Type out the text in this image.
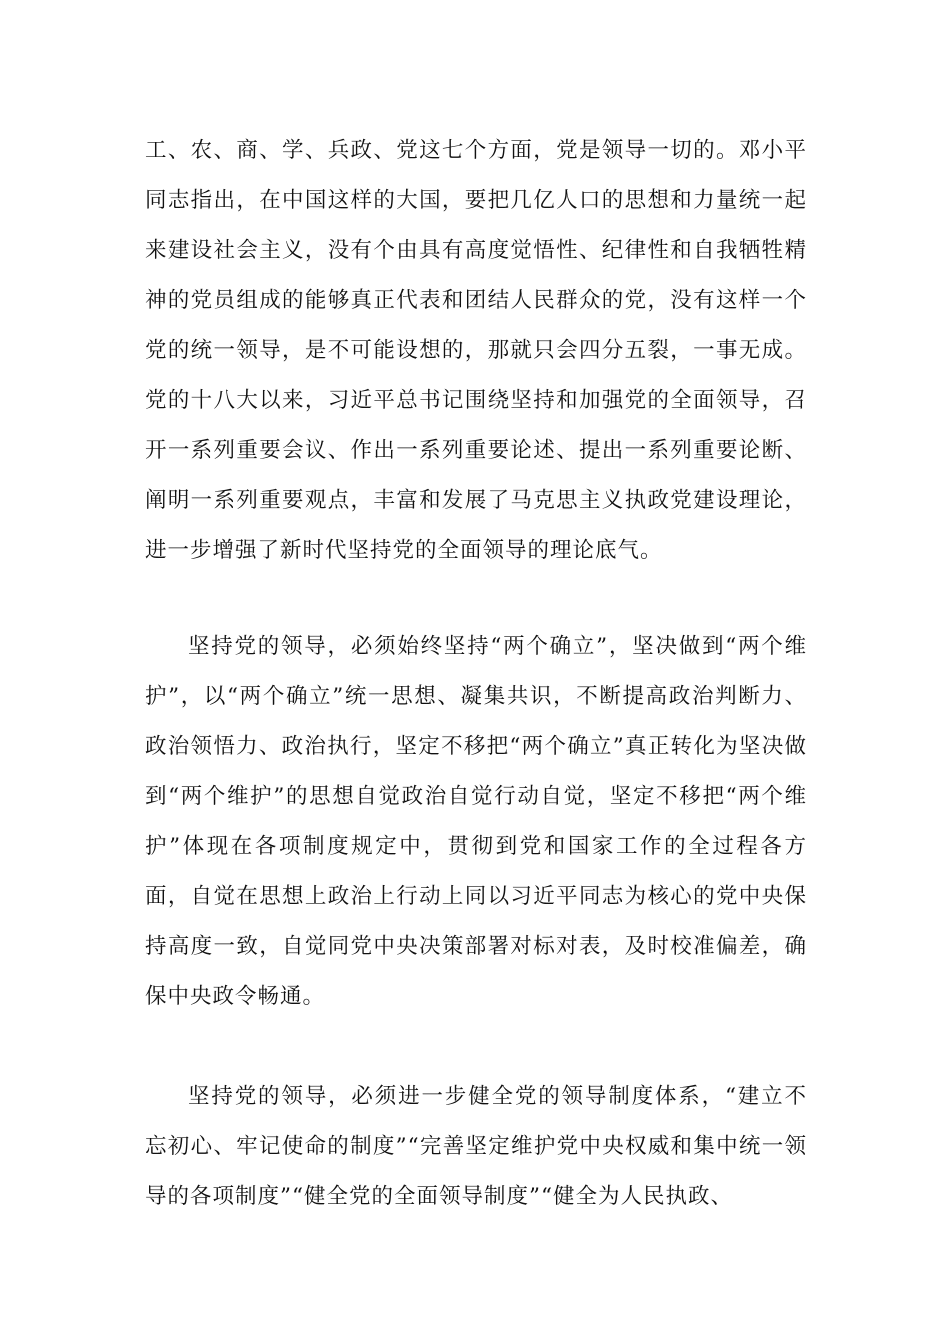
工、农、商、学、兵政、党这七个方面，党是领导一切的。邓小平同志指出，在中国这样的大国，要把几亿人口的思想和力量统一起来建设社会主义，没有个由具有高度觉悟性、纪律性和自我牺牲精神的党员组成的能够真正代表和团结人民群众的党，没有这样一个党的统一领导，是不可能设想的，那就只会四分五裂，一事无成。党的十八大以来，习近平总书记围绕坚持和加强党的全面领导，召开一系列重要会议、作出一系列重要论述、提出一系列重要论断、阐明一系列重要观点，丰富和发展了马克思主义执政党建设理论，进一步增强了新时代坚持党的全面领导的理论底气。

坚持党的领导，必须始终坚持“两个确立”，坚决做到“两个维护”，以“两个确立”统一思想、凝集共识，不断提高政治判断力、政治领悟力、政治执行，坚定不移把“两个确立”真正转化为坚决做到“两个维护”的思想自觉政治自觉行动自觉，坚定不移把“两个维护”体现在各项制度规定中，贯彻到党和国家工作的全过程各方面，自觉在思想上政治上行动上同以习近平同志为核心的党中央保持高度一致，自觉同党中央决策部署对标对表，及时校准偏差，确保中央政令畅通。

坚持党的领导，必须进一步健全党的领导制度体系，“建立不忘初心、牢记使命的制度”“完善坚定维护党中央权威和集中统一领导的各项制度”“健全党的全面领导制度”“健全为人民执政、
